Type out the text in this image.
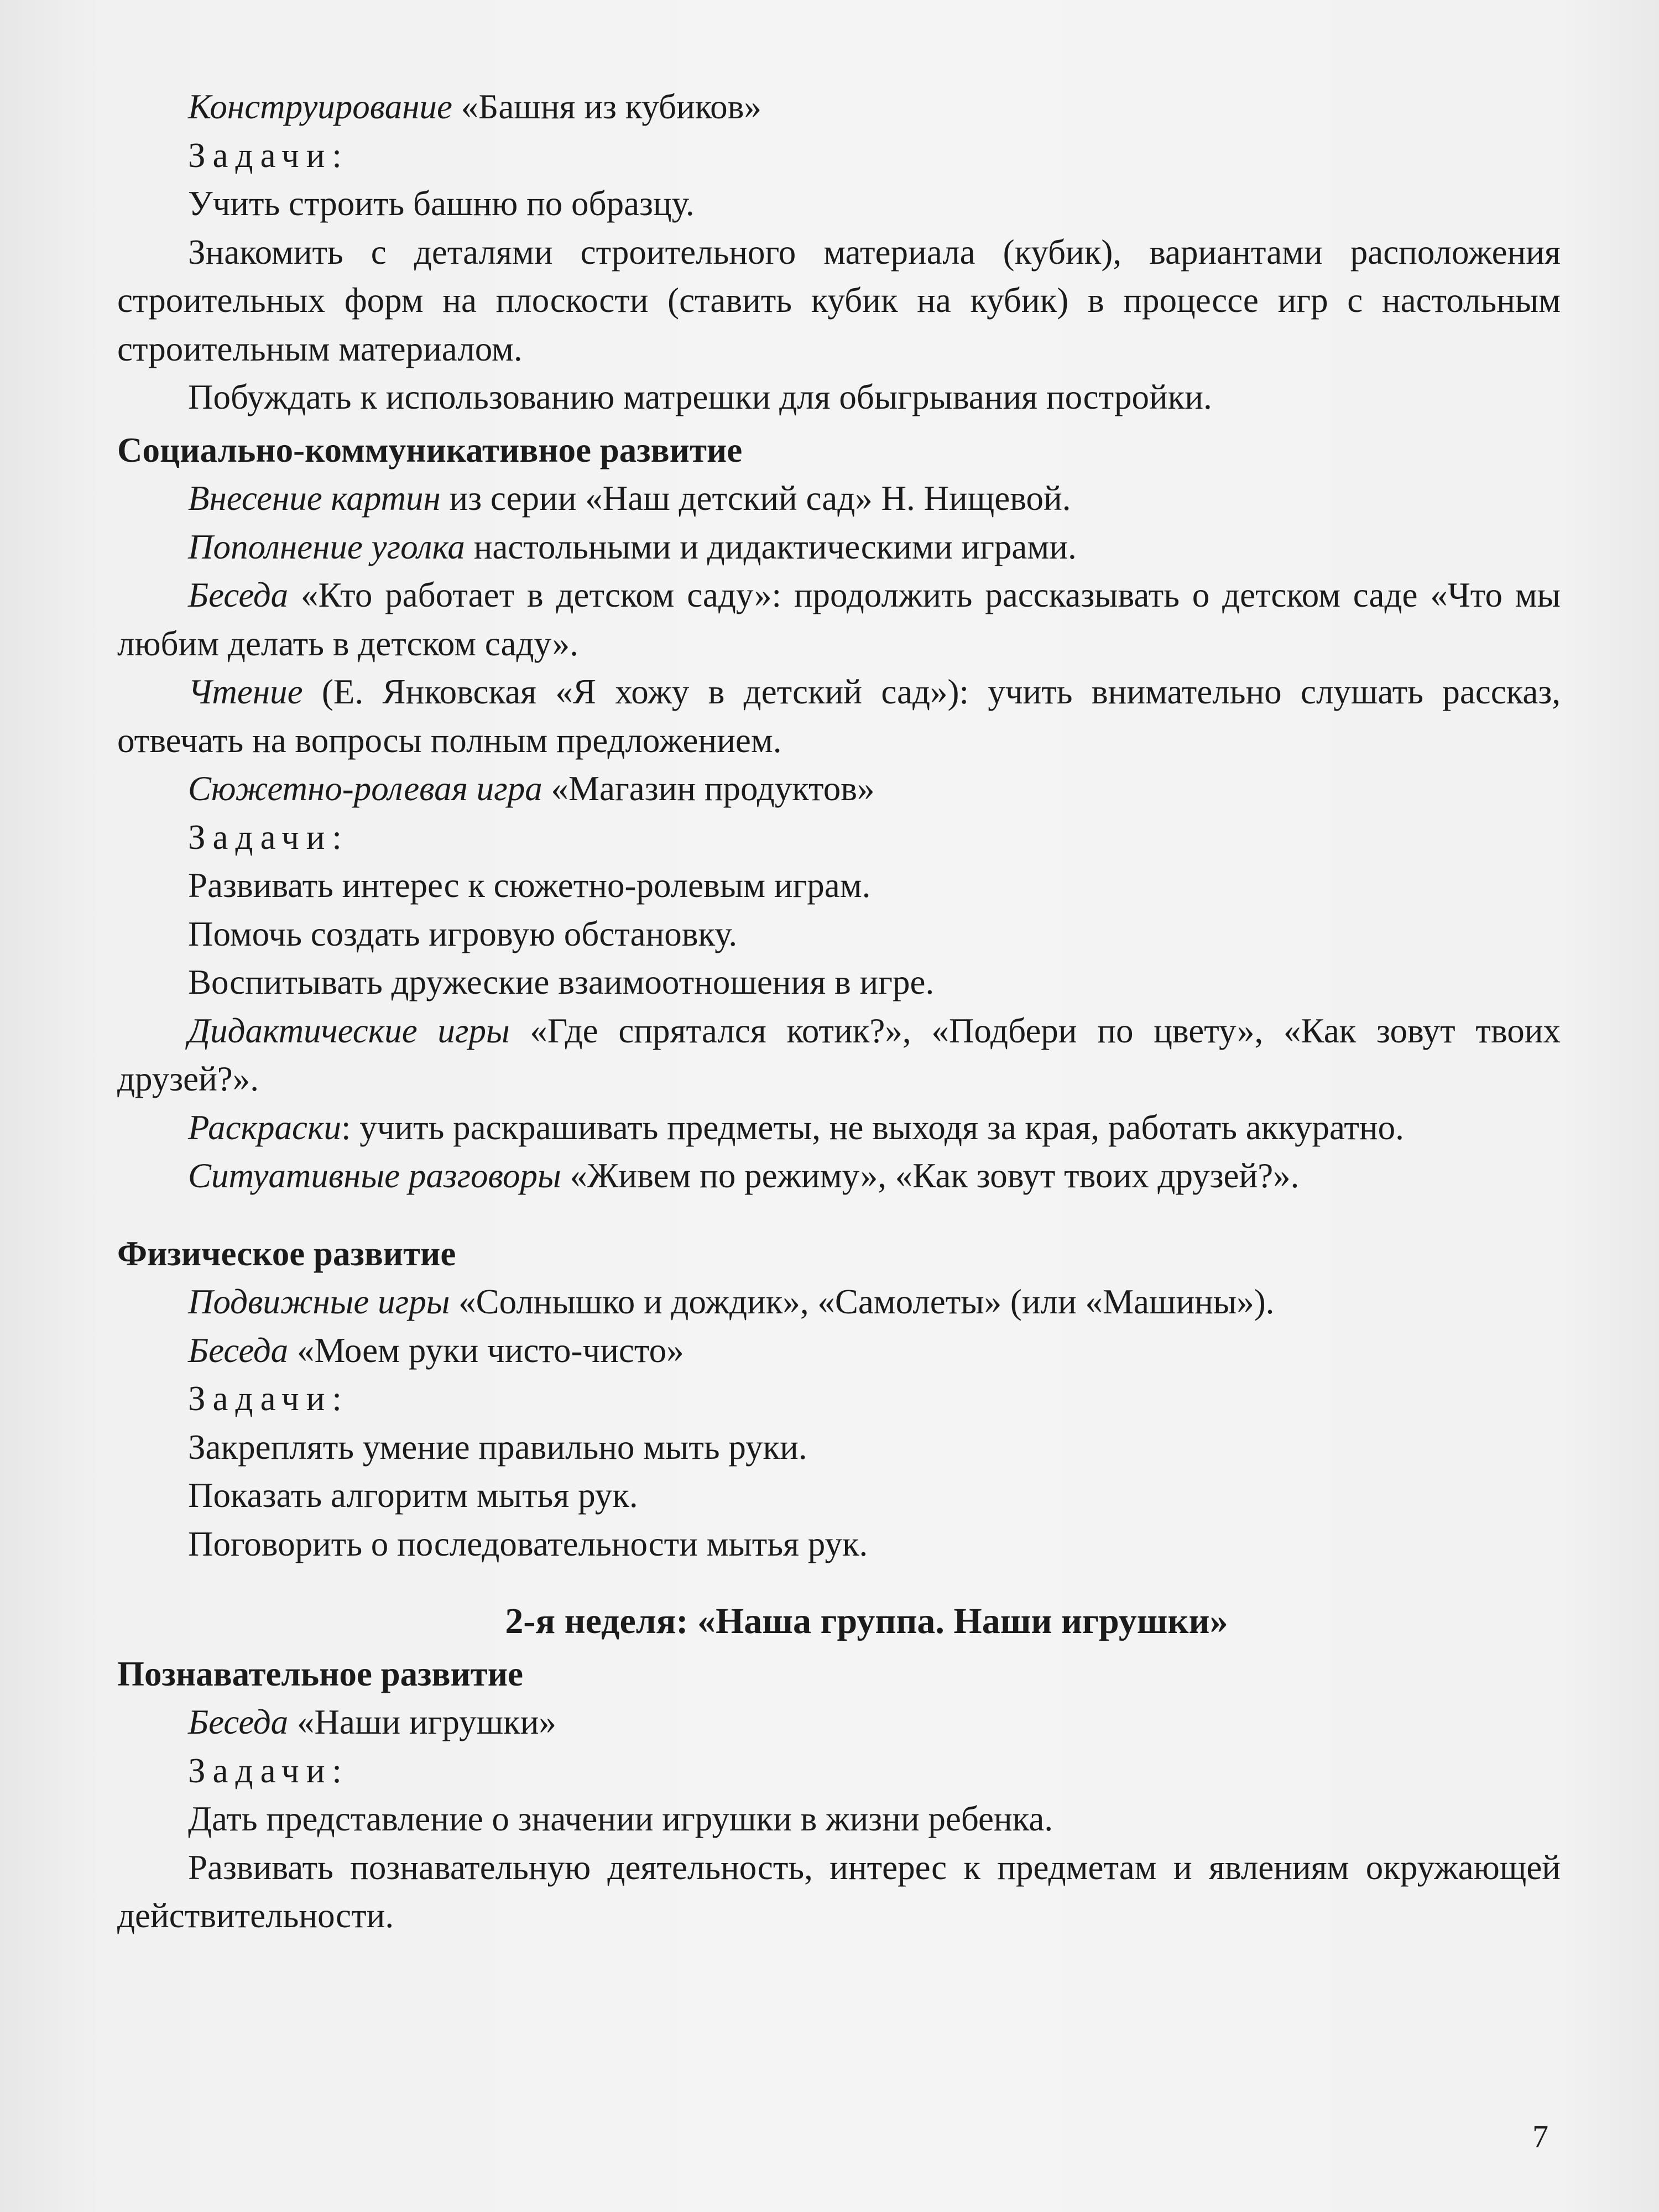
Конструирование «Башня из кубиков»
Задачи:
Учить строить башню по образцу.
Знакомить с деталями строительного материала (кубик), вариантами расположения строительных форм на плоскости (ставить кубик на кубик) в процессе игр с настольным строительным материалом.
Побуждать к использованию матрешки для обыгрывания постройки.
Социально-коммуникативное развитие
Внесение картин из серии «Наш детский сад» Н. Нищевой.
Пополнение уголка настольными и дидактическими играми.
Беседа «Кто работает в детском саду»: продолжить рассказывать о детском саде «Что мы любим делать в детском саду».
Чтение (Е. Янковская «Я хожу в детский сад»): учить внимательно слушать рассказ, отвечать на вопросы полным предложением.
Сюжетно-ролевая игра «Магазин продуктов»
Задачи:
Развивать интерес к сюжетно-ролевым играм.
Помочь создать игровую обстановку.
Воспитывать дружеские взаимоотношения в игре.
Дидактические игры «Где спрятался котик?», «Подбери по цвету», «Как зовут твоих друзей?».
Раскраски: учить раскрашивать предметы, не выходя за края, работать аккуратно.
Ситуативные разговоры «Живем по режиму», «Как зовут твоих друзей?».
Физическое развитие
Подвижные игры «Солнышко и дождик», «Самолеты» (или «Машины»).
Беседа «Моем руки чисто-чисто»
Задачи:
Закреплять умение правильно мыть руки.
Показать алгоритм мытья рук.
Поговорить о последовательности мытья рук.
2-я неделя: «Наша группа. Наши игрушки»
Познавательное развитие
Беседа «Наши игрушки»
Задачи:
Дать представление о значении игрушки в жизни ребенка.
Развивать познавательную деятельность, интерес к предметам и явлениям окружающей действительности.
7
